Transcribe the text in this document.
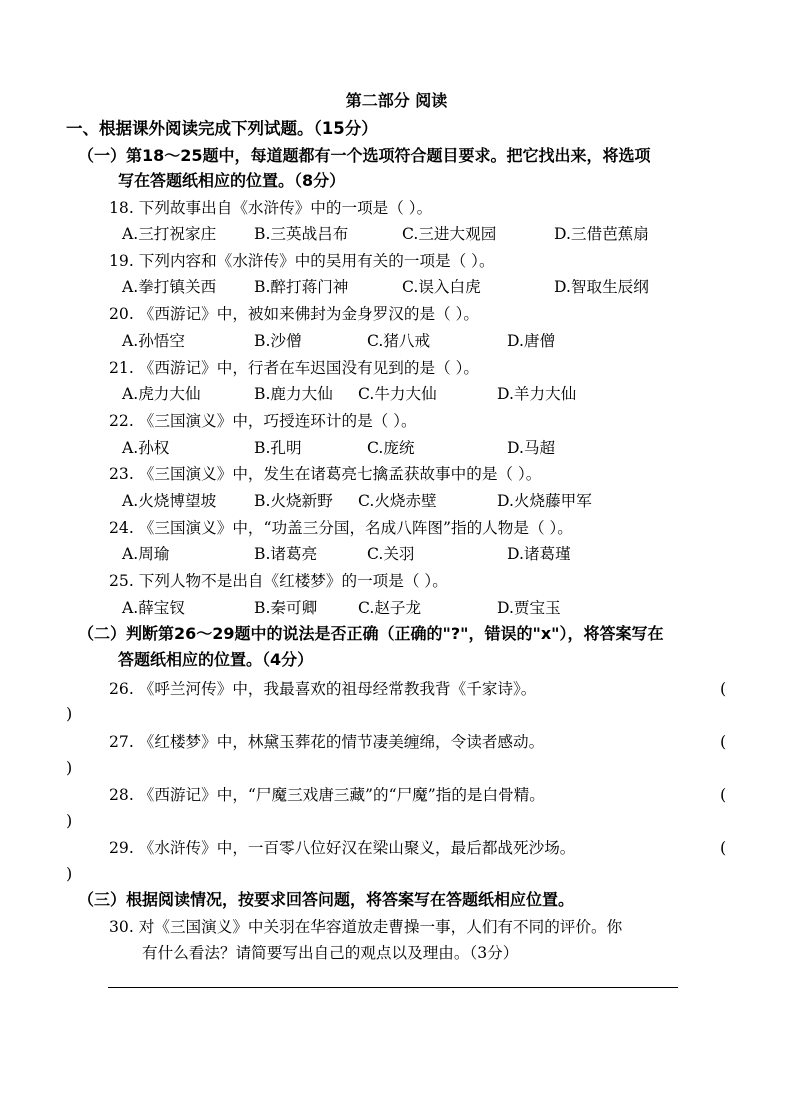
第二部分 阅读
一、根据课外阅读完成下列试题。（15分）
（一）第18～25题中，每道题都有一个选项符合题目要求。把它找出来，将选项
写在答题纸相应的位置。（8分）
18. 下列故事出自《水浒传》中的一项是（ ）。
A.三打祝家庄 B.三英战吕布	C.三进大观园	D.三借芭蕉扇
19. 下列内容和《水浒传》中的吴用有关的一项是（ ）。
A.拳打镇关西 B.醉打蒋门神	C.误入白虎	D.智取生辰纲
20. 《西游记》中，被如来佛封为金身罗汉的是（ ）。
A.孙悟空	B.沙僧	C.猪八戒	D.唐僧
21. 《西游记》中，行者在车迟国没有见到的是（ ）。
A.虎力大仙	B.鹿力大仙 C.牛力大仙	D.羊力大仙
22. 《三国演义》中，巧授连环计的是（ ）。
A.孙权	B.孔明	C.庞统	D.马超
23. 《三国演义》中，发生在诸葛亮七擒孟获故事中的是（ ）。
A.火烧博望坡 B.火烧新野 C.火烧赤壁	D.火烧藤甲军
24. 《三国演义》中，“功盖三分国，名成八阵图”指的人物是（ ）。
A.周瑜	B.诸葛亮	C.关羽	D.诸葛瑾
25. 下列人物不是出自《红楼梦》的一项是（ ）。
A.薛宝钗	B.秦可卿	C.赵子龙	D.贾宝玉
（二）判断第26～29题中的说法是否正确（正确的"?"，错误的"x"），将答案写在
答题纸相应的位置。（4分）
26. 《呼兰河传》中，我最喜欢的祖母经常教我背《千家诗》。	(
)
27. 《红楼梦》中，林黛玉葬花的情节凄美缠绵，令读者感动。	(
)
28. 《西游记》中，“尸魔三戏唐三藏”的“尸魔”指的是白骨精。	(
)
29. 《水浒传》中，一百零八位好汉在梁山聚义，最后都战死沙场。	(
)
（三）根据阅读情况，按要求回答问题，将答案写在答题纸相应位置。
30. 对《三国演义》中关羽在华容道放走曹操一事，人们有不同的评价。你
有什么看法？请简要写出自己的观点以及理由。（3分）
